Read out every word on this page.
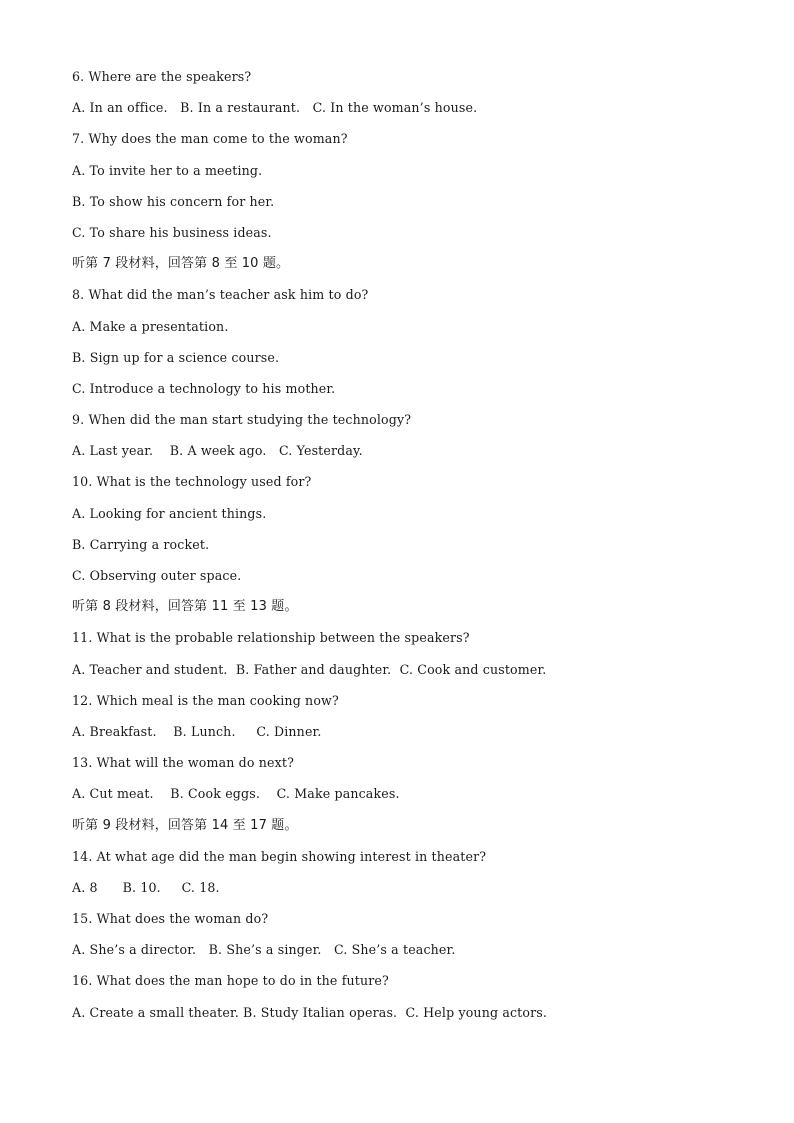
6. Where are the speakers?
A. In an office.   B. In a restaurant.   C. In the woman’s house.
7. Why does the man come to the woman?
A. To invite her to a meeting.
B. To show his concern for her.
C. To share his business ideas.
听第 7 段材料，回答第 8 至 10 题。
8. What did the man’s teacher ask him to do?
A. Make a presentation.
B. Sign up for a science course.
C. Introduce a technology to his mother.
9. When did the man start studying the technology?
A. Last year.    B. A week ago.   C. Yesterday.
10. What is the technology used for?
A. Looking for ancient things.
B. Carrying a rocket.
C. Observing outer space.
听第 8 段材料，回答第 11 至 13 题。
11. What is the probable relationship between the speakers?
A. Teacher and student.  B. Father and daughter.  C. Cook and customer.
12. Which meal is the man cooking now?
A. Breakfast.    B. Lunch.     C. Dinner.
13. What will the woman do next?
A. Cut meat.    B. Cook eggs.    C. Make pancakes.
听第 9 段材料，回答第 14 至 17 题。
14. At what age did the man begin showing interest in theater?
A. 8      B. 10.     C. 18.
15. What does the woman do?
A. She’s a director.   B. She’s a singer.   C. She’s a teacher.
16. What does the man hope to do in the future?
A. Create a small theater. B. Study Italian operas.  C. Help young actors.
